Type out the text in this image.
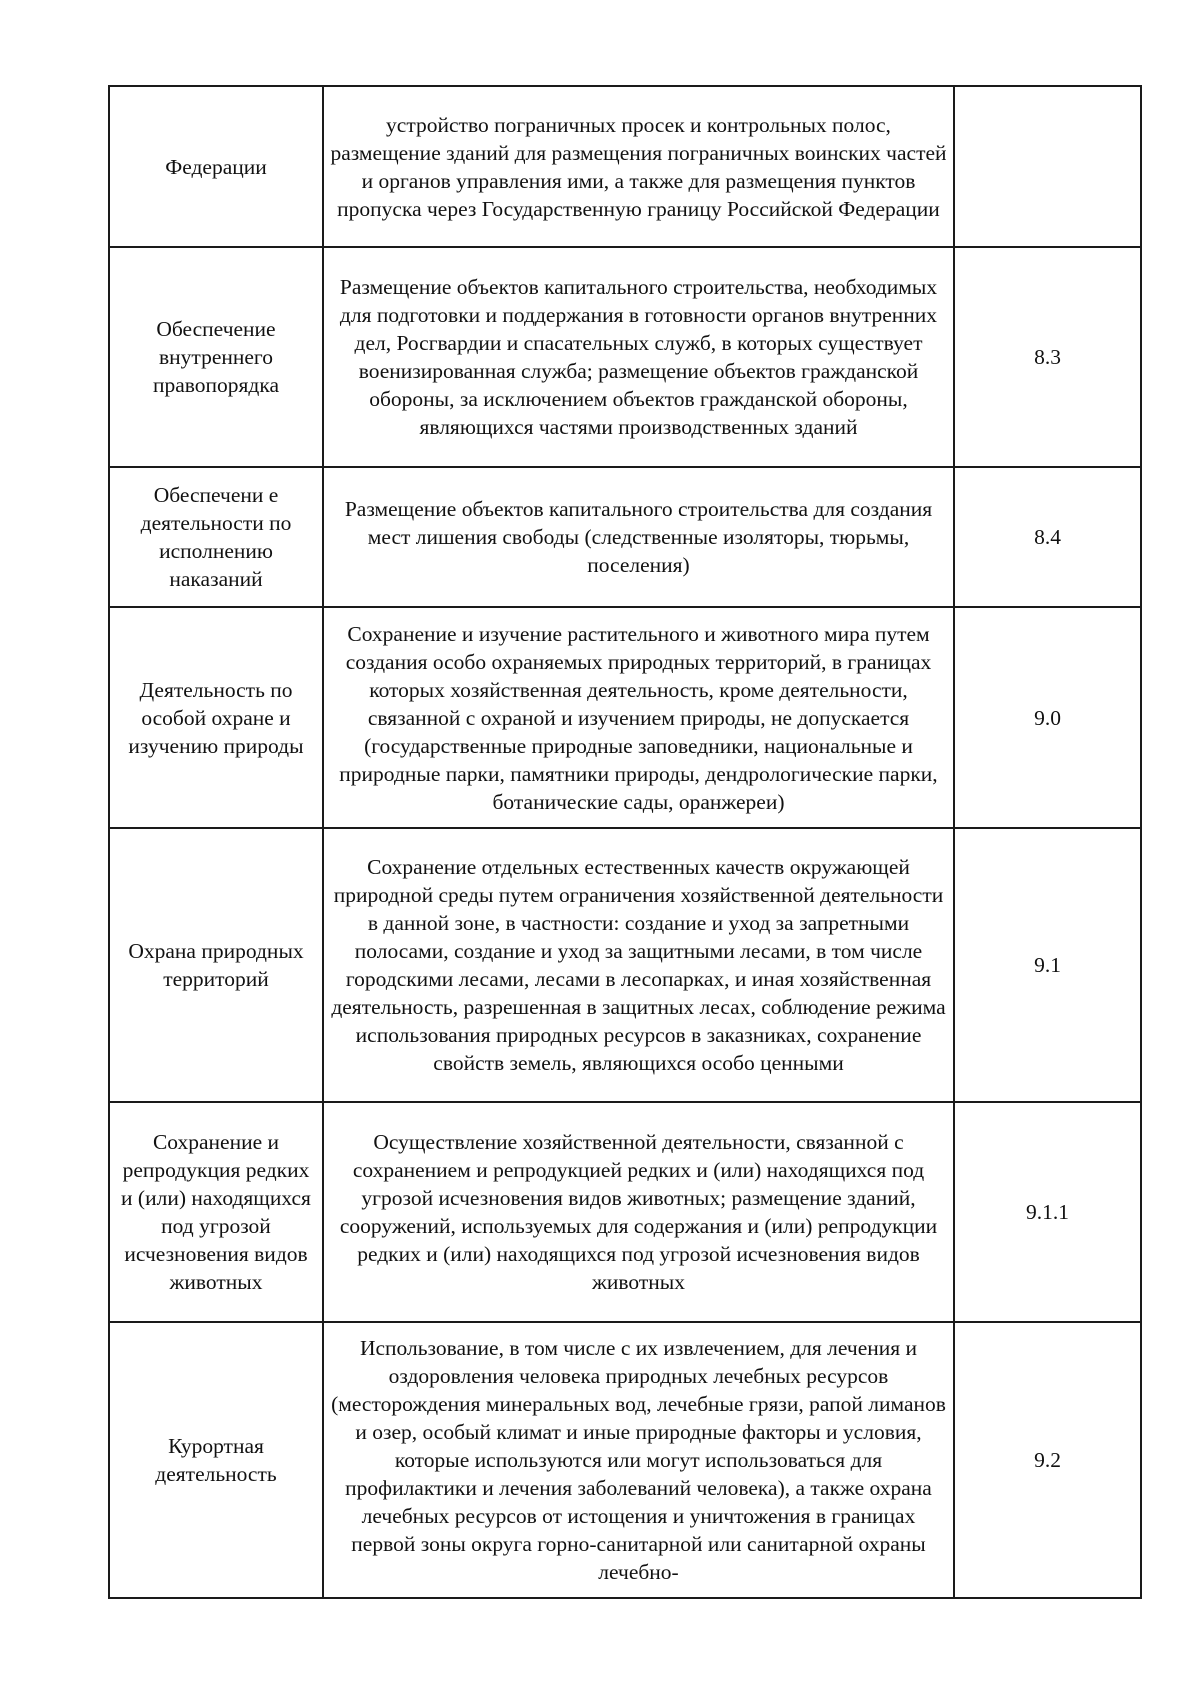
Федерации	устройство пограничных просек и контрольных полос, размещение зданий для размещения пограничных воинских частей и органов управления ими, а также для размещения пунктов пропуска через Государственную границу Российской Федерации	
Обеспечение внутреннего правопорядка	Размещение объектов капитального строительства, необходимых для подготовки и поддержания в готовности органов внутренних дел, Росгвардии и спасательных служб, в которых существует военизированная служба; размещение объектов гражданской обороны, за исключением объектов гражданской обороны, являющихся частями производственных зданий	8.3
Обеспечени е деятельности по исполнению наказаний	Размещение объектов капитального строительства для создания мест лишения свободы (следственные изоляторы, тюрьмы, поселения)	8.4
Деятельность по особой охране и изучению природы	Сохранение и изучение растительного и животного мира путем создания особо охраняемых природных территорий, в границах которых хозяйственная деятельность, кроме деятельности, связанной с охраной и изучением природы, не допускается (государственные природные заповедники, национальные и природные парки, памятники природы, дендрологические парки, ботанические сады, оранжереи)	9.0
Охрана природных территорий	Сохранение отдельных естественных качеств окружающей природной среды путем ограничения хозяйственной деятельности в данной зоне, в частности: создание и уход за запретными полосами, создание и уход за защитными лесами, в том числе городскими лесами, лесами в лесопарках, и иная хозяйственная деятельность, разрешенная в защитных лесах, соблюдение режима использования природных ресурсов в заказниках, сохранение свойств земель, являющихся особо ценными	9.1
Сохранение и репродукция редких и (или) находящихся под угрозой исчезновения видов животных	Осуществление хозяйственной деятельности, связанной с сохранением и репродукцией редких и (или) находящихся под угрозой исчезновения видов животных; размещение зданий, сооружений, используемых для содержания и (или) репродукции редких и (или) находящихся под угрозой исчезновения видов животных	9.1.1
Курортная деятельность	Использование, в том числе с их извлечением, для лечения и оздоровления человека природных лечебных ресурсов (месторождения минеральных вод, лечебные грязи, рапой лиманов и озер, особый климат и иные природные факторы и условия, которые используются или могут использоваться для профилактики и лечения заболеваний человека), а также охрана лечебных ресурсов от истощения и уничтожения в границах первой зоны округа горно-санитарной или санитарной охраны лечебно-	9.2
